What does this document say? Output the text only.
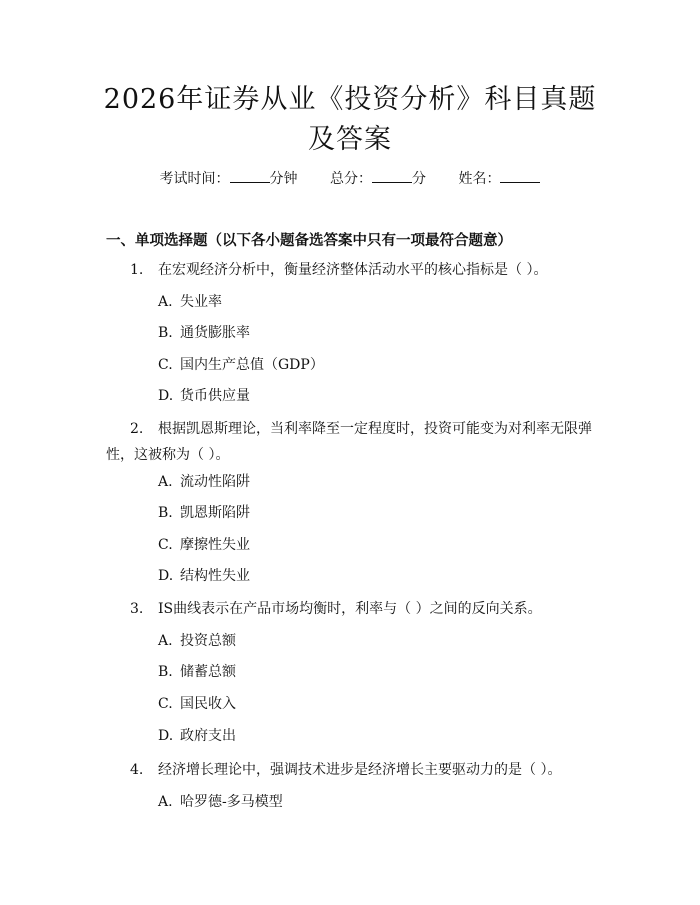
2026年证券从业《投资分析》科目真题及答案
考试时间：	分钟 总分：	分 姓名：
一、单项选择题（以下各小题备选答案中只有一项最符合题意）
1. 在宏观经济分析中，衡量经济整体活动水平的核心指标是（ ）。
A. 失业率
B. 通货膨胀率
C. 国内生产总值（GDP）
D. 货币供应量
2. 根据凯恩斯理论，当利率降至一定程度时，投资可能变为对利率无限弹性，这被称为（ ）。
A. 流动性陷阱
B. 凯恩斯陷阱
C. 摩擦性失业
D. 结构性失业
3. IS曲线表示在产品市场均衡时，利率与（ ）之间的反向关系。
A. 投资总额
B. 储蓄总额
C. 国民收入
D. 政府支出
4. 经济增长理论中，强调技术进步是经济增长主要驱动力的是（ ）。
A. 哈罗德-多马模型
